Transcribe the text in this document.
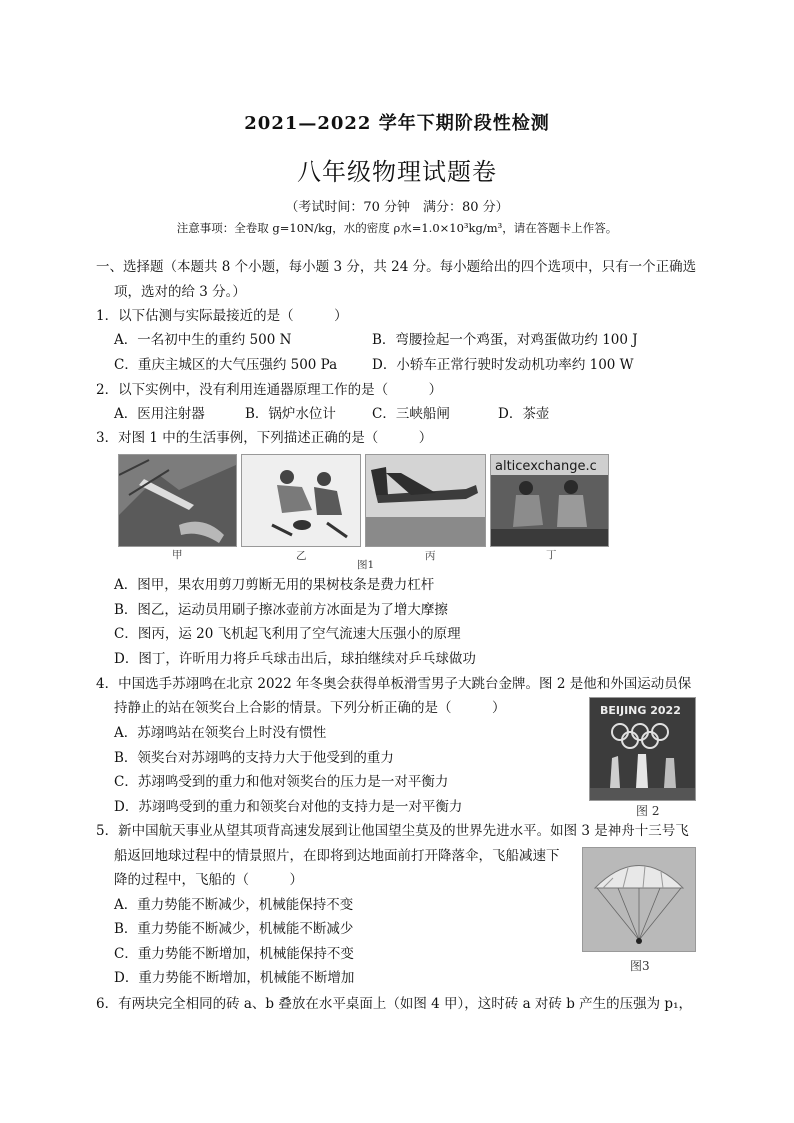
2021—2022 学年下期阶段性检测
八年级物理试题卷
（考试时间：70 分钟　满分：80 分）
注意事项：全卷取 g=10N/kg，水的密度 ρ水=1.0×10³kg/m³，请在答题卡上作答。
一、选择题（本题共 8 个小题，每小题 3 分，共 24 分。每小题给出的四个选项中，只有一个正确选
项，选对的给 3 分。）
1．以下估测与实际最接近的是（　　　）
A．一名初中生的重约 500 N	B．弯腰捡起一个鸡蛋，对鸡蛋做功约 100 J
C．重庆主城区的大气压强约 500 Pa	D．小轿车正常行驶时发动机功率约 100 W
2．以下实例中，没有利用连通器原理工作的是（　　　）
A．医用注射器	B．锅炉水位计	C．三峡船闸	D．茶壶
3．对图 1 中的生活事例，下列描述正确的是（　　　）
alticexchange.c
甲	乙
图1
丙	丁
A．图甲，果农用剪刀剪断无用的果树枝条是费力杠杆
B．图乙，运动员用刷子擦冰壶前方冰面是为了增大摩擦
C．图丙，运 20 飞机起飞利用了空气流速大压强小的原理
D．图丁，许昕用力将乒乓球击出后，球拍继续对乒乓球做功
4．中国选手苏翊鸣在北京 2022 年冬奥会获得单板滑雪男子大跳台金牌。图 2 是他和外国运动员保
持静止的站在领奖台上合影的情景。下列分析正确的是（　　　）
A．苏翊鸣站在领奖台上时没有惯性
B．领奖台对苏翊鸣的支持力大于他受到的重力
C．苏翊鸣受到的重力和他对领奖台的压力是一对平衡力
D．苏翊鸣受到的重力和领奖台对他的支持力是一对平衡力
BEIJING 2022
图 2
5．新中国航天事业从望其项背高速发展到让他国望尘莫及的世界先进水平。如图 3 是神舟十三号飞
船返回地球过程中的情景照片，在即将到达地面前打开降落伞，飞船减速下
降的过程中，飞船的（　　　）
A．重力势能不断减少，机械能保持不变
B．重力势能不断减少，机械能不断减少
C．重力势能不断增加，机械能保持不变
D．重力势能不断增加，机械能不断增加
图3
6．有两块完全相同的砖 a、b 叠放在水平桌面上（如图 4 甲），这时砖 a 对砖 b 产生的压强为 p₁，
